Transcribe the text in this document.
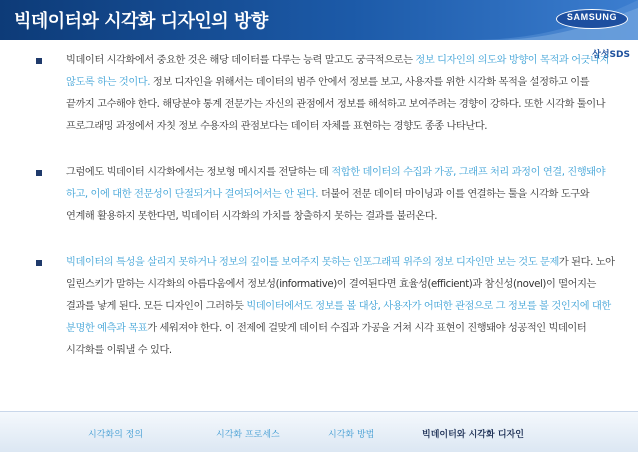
빅데이터와 시각화 디자인의 방향	SAMSUNG
삼성SDS
빅데이터 시각화에서 중요한 것은 해당 데이터를 다루는 능력 말고도 궁극적으로는 정보 디자인의 의도와 방향이 목적과 어긋나지 않도록 하는 것이다. 정보 디자인을 위해서는 데이터의 범주 안에서 정보를 보고, 사용자를 위한 시각화 목적을 설정하고 이를 끝까지 고수해야 한다. 해당분야 통계 전문가는 자신의 관점에서 정보를 해석하고 보여주려는 경향이 강하다. 또한 시각화 툴이나 프로그래밍 과정에서 자칫 정보 수용자의 관점보다는 데이터 자체를 표현하는 경향도 종종 나타난다.
그럼에도 빅데이터 시각화에서는 정보형 메시지를 전달하는 데 적합한 데이터의 수집과 가공, 그래프 처리 과정이 연결, 진행돼야 하고, 이에 대한 전문성이 단절되거나 결여되어서는 안 된다. 더불어 전문 데이터 마이닝과 이를 연결하는 툴을 시각화 도구와 연계해 활용하지 못한다면, 빅데이터 시각화의 가치를 창출하지 못하는 결과를 불러온다.
빅데이터의 특성을 살리지 못하거나 정보의 깊이를 보여주지 못하는 인포그래픽 위주의 정보 디자인만 보는 것도 문제가 된다. 노아 일린스키가 말하는 시각화의 아름다움에서 정보성(informative)이 결여된다면 효율성(efficient)과 참신성(novel)이 떨어지는 결과를 낳게 된다. 모든 디자인이 그러하듯 빅데이터에서도 정보를 볼 대상, 사용자가 어떠한 관점으로 그 정보를 볼 것인지에 대한 분명한 예측과 목표가 세워져야 한다. 이 전제에 걸맞게 데이터 수집과 가공을 거쳐 시각 표현이 진행돼야 성공적인 빅데이터 시각화를 이뤄낼 수 있다.
시각화의 정의	시각화 프로세스	시각화 방법	빅데이터와 시각화 디자인
